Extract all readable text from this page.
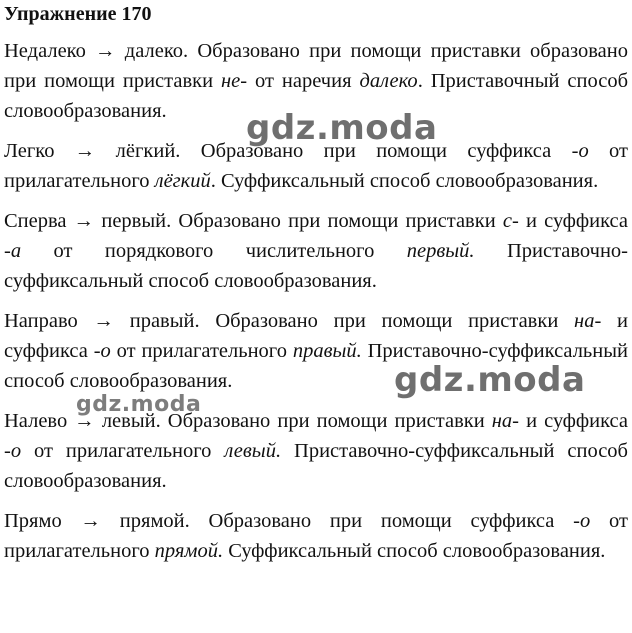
Упражнение 170

Недалеко → далеко. Образовано при помощи приставки образовано при помощи приставки не- от наречия далеко. Приставочный способ словообразования.

Легко → лёгкий. Образовано при помощи суффикса -о от прилагательного лёгкий. Суффиксальный способ словообразования.

Сперва → первый. Образовано при помощи приставки с- и суффикса -а от порядкового числительного первый. Приставочно-суффиксальный способ словообразования.

Направо → правый. Образовано при помощи приставки на- и суффикса -о от прилагательного правый. Приставочно-суффиксальный способ словообразования.

Налево → левый. Образовано при помощи приставки на- и суффикса -о от прилагательного левый. Приставочно-суффиксальный способ словообразования.

Прямо → прямой. Образовано при помощи суффикса -о от прилагательного прямой. Суффиксальный способ словообразования.

gdz.moda
gdz.moda
gdz.moda
